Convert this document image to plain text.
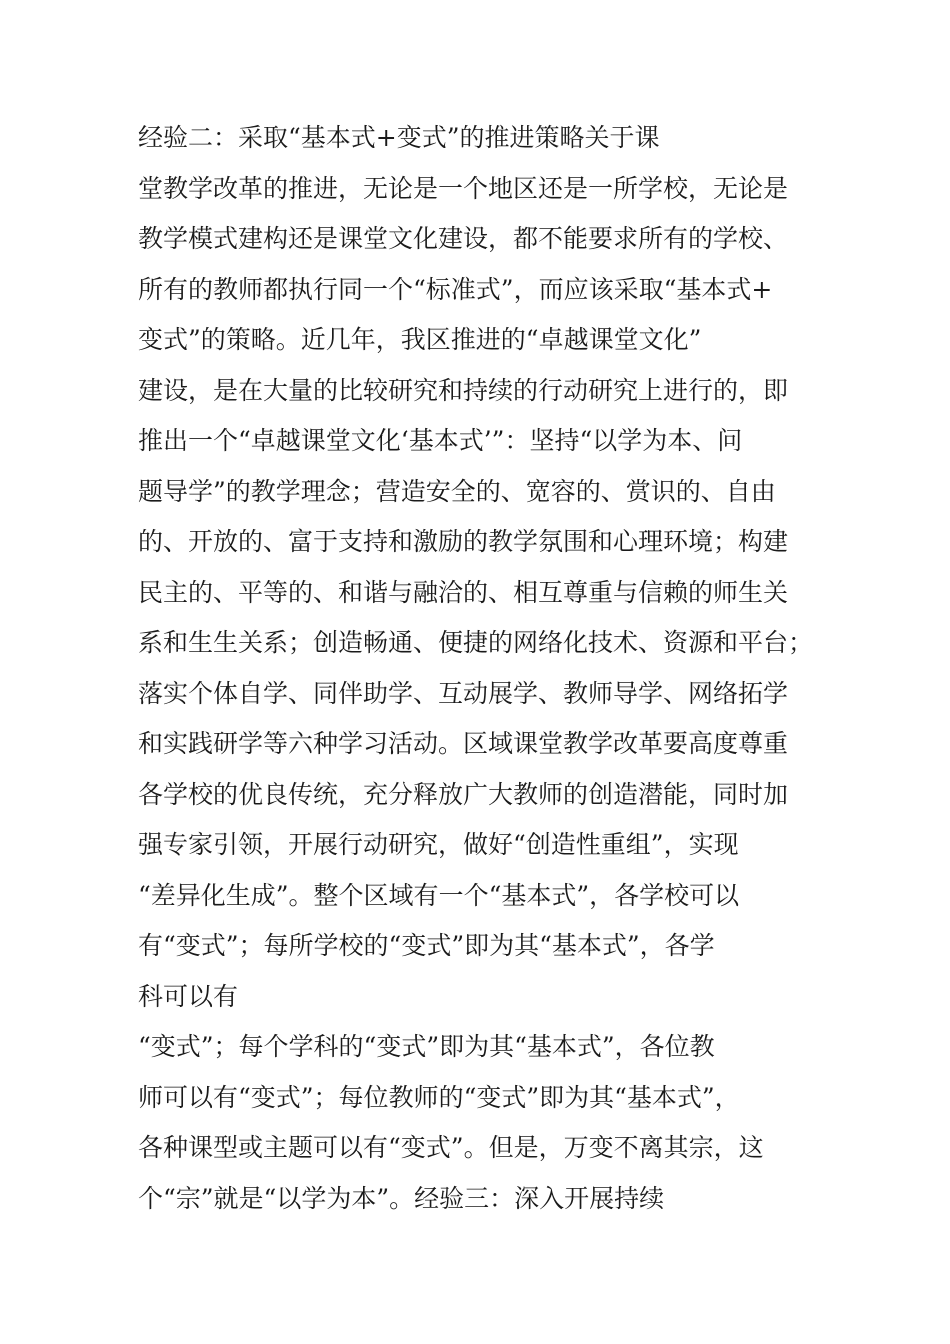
经验二：采取“基本式+变式”的推进策略关于课
堂教学改革的推进，无论是一个地区还是一所学校，无论是
教学模式建构还是课堂文化建设，都不能要求所有的学校、
所有的教师都执行同一个“标准式”，而应该采取“基本式+
变式”的策略。近几年，我区推进的“卓越课堂文化”
建设，是在大量的比较研究和持续的行动研究上进行的，即
推出一个“卓越课堂文化‘基本式’”：坚持“以学为本、问
题导学”的教学理念；营造安全的、宽容的、赏识的、自由
的、开放的、富于支持和激励的教学氛围和心理环境；构建
民主的、平等的、和谐与融洽的、相互尊重与信赖的师生关
系和生生关系；创造畅通、便捷的网络化技术、资源和平台；
落实个体自学、同伴助学、互动展学、教师导学、网络拓学
和实践研学等六种学习活动。区域课堂教学改革要高度尊重
各学校的优良传统，充分释放广大教师的创造潜能，同时加
强专家引领，开展行动研究，做好“创造性重组”，实现
“差异化生成”。整个区域有一个“基本式”，各学校可以
有“变式”；每所学校的“变式”即为其“基本式”，各学
科可以有
“变式”；每个学科的“变式”即为其“基本式”，各位教
师可以有“变式”；每位教师的“变式”即为其“基本式”，
各种课型或主题可以有“变式”。但是，万变不离其宗，这
个“宗”就是“以学为本”。经验三：深入开展持续
